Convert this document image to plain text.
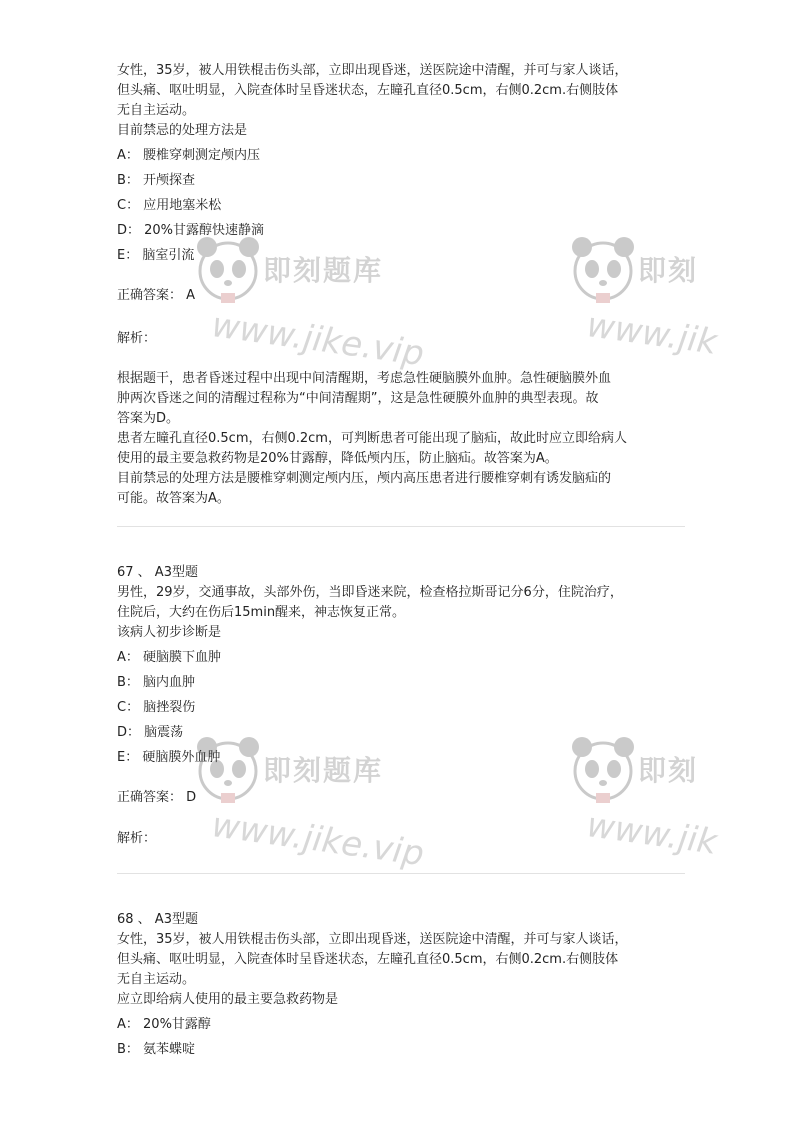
女性，35岁，被人用铁棍击伤头部，立即出现昏迷，送医院途中清醒，并可与家人谈话，
但头痛、呕吐明显，入院查体时呈昏迷状态，左瞳孔直径0.5cm，右侧0.2cm.右侧肢体
无自主运动。
目前禁忌的处理方法是
A： 腰椎穿刺测定颅内压
B： 开颅探查
C： 应用地塞米松
D： 20%甘露醇快速静滴
E： 脑室引流
正确答案： A
解析：
根据题干，患者昏迷过程中出现中间清醒期，考虑急性硬脑膜外血肿。急性硬脑膜外血
肿两次昏迷之间的清醒过程称为“中间清醒期”，这是急性硬膜外血肿的典型表现。故
答案为D。
患者左瞳孔直径0.5cm，右侧0.2cm，可判断患者可能出现了脑疝，故此时应立即给病人
使用的最主要急救药物是20%甘露醇，降低颅内压，防止脑疝。故答案为A。
目前禁忌的处理方法是腰椎穿刺测定颅内压，颅内高压患者进行腰椎穿刺有诱发脑疝的
可能。故答案为A。
67 、 A3型题
男性，29岁，交通事故，头部外伤，当即昏迷来院，检查格拉斯哥记分6分，住院治疗，
住院后，大约在伤后15min醒来，神志恢复正常。
该病人初步诊断是
A： 硬脑膜下血肿
B： 脑内血肿
C： 脑挫裂伤
D： 脑震荡
E： 硬脑膜外血肿
正确答案： D
解析：
68 、 A3型题
女性，35岁，被人用铁棍击伤头部，立即出现昏迷，送医院途中清醒，并可与家人谈话，
但头痛、呕吐明显，入院查体时呈昏迷状态，左瞳孔直径0.5cm，右侧0.2cm.右侧肢体
无自主运动。
应立即给病人使用的最主要急救药物是
A： 20%甘露醇
B： 氨苯蝶啶
即刻题库
www.jike.vip
即刻
www.jik
即刻题库
www.jike.vip
即刻
www.jik
